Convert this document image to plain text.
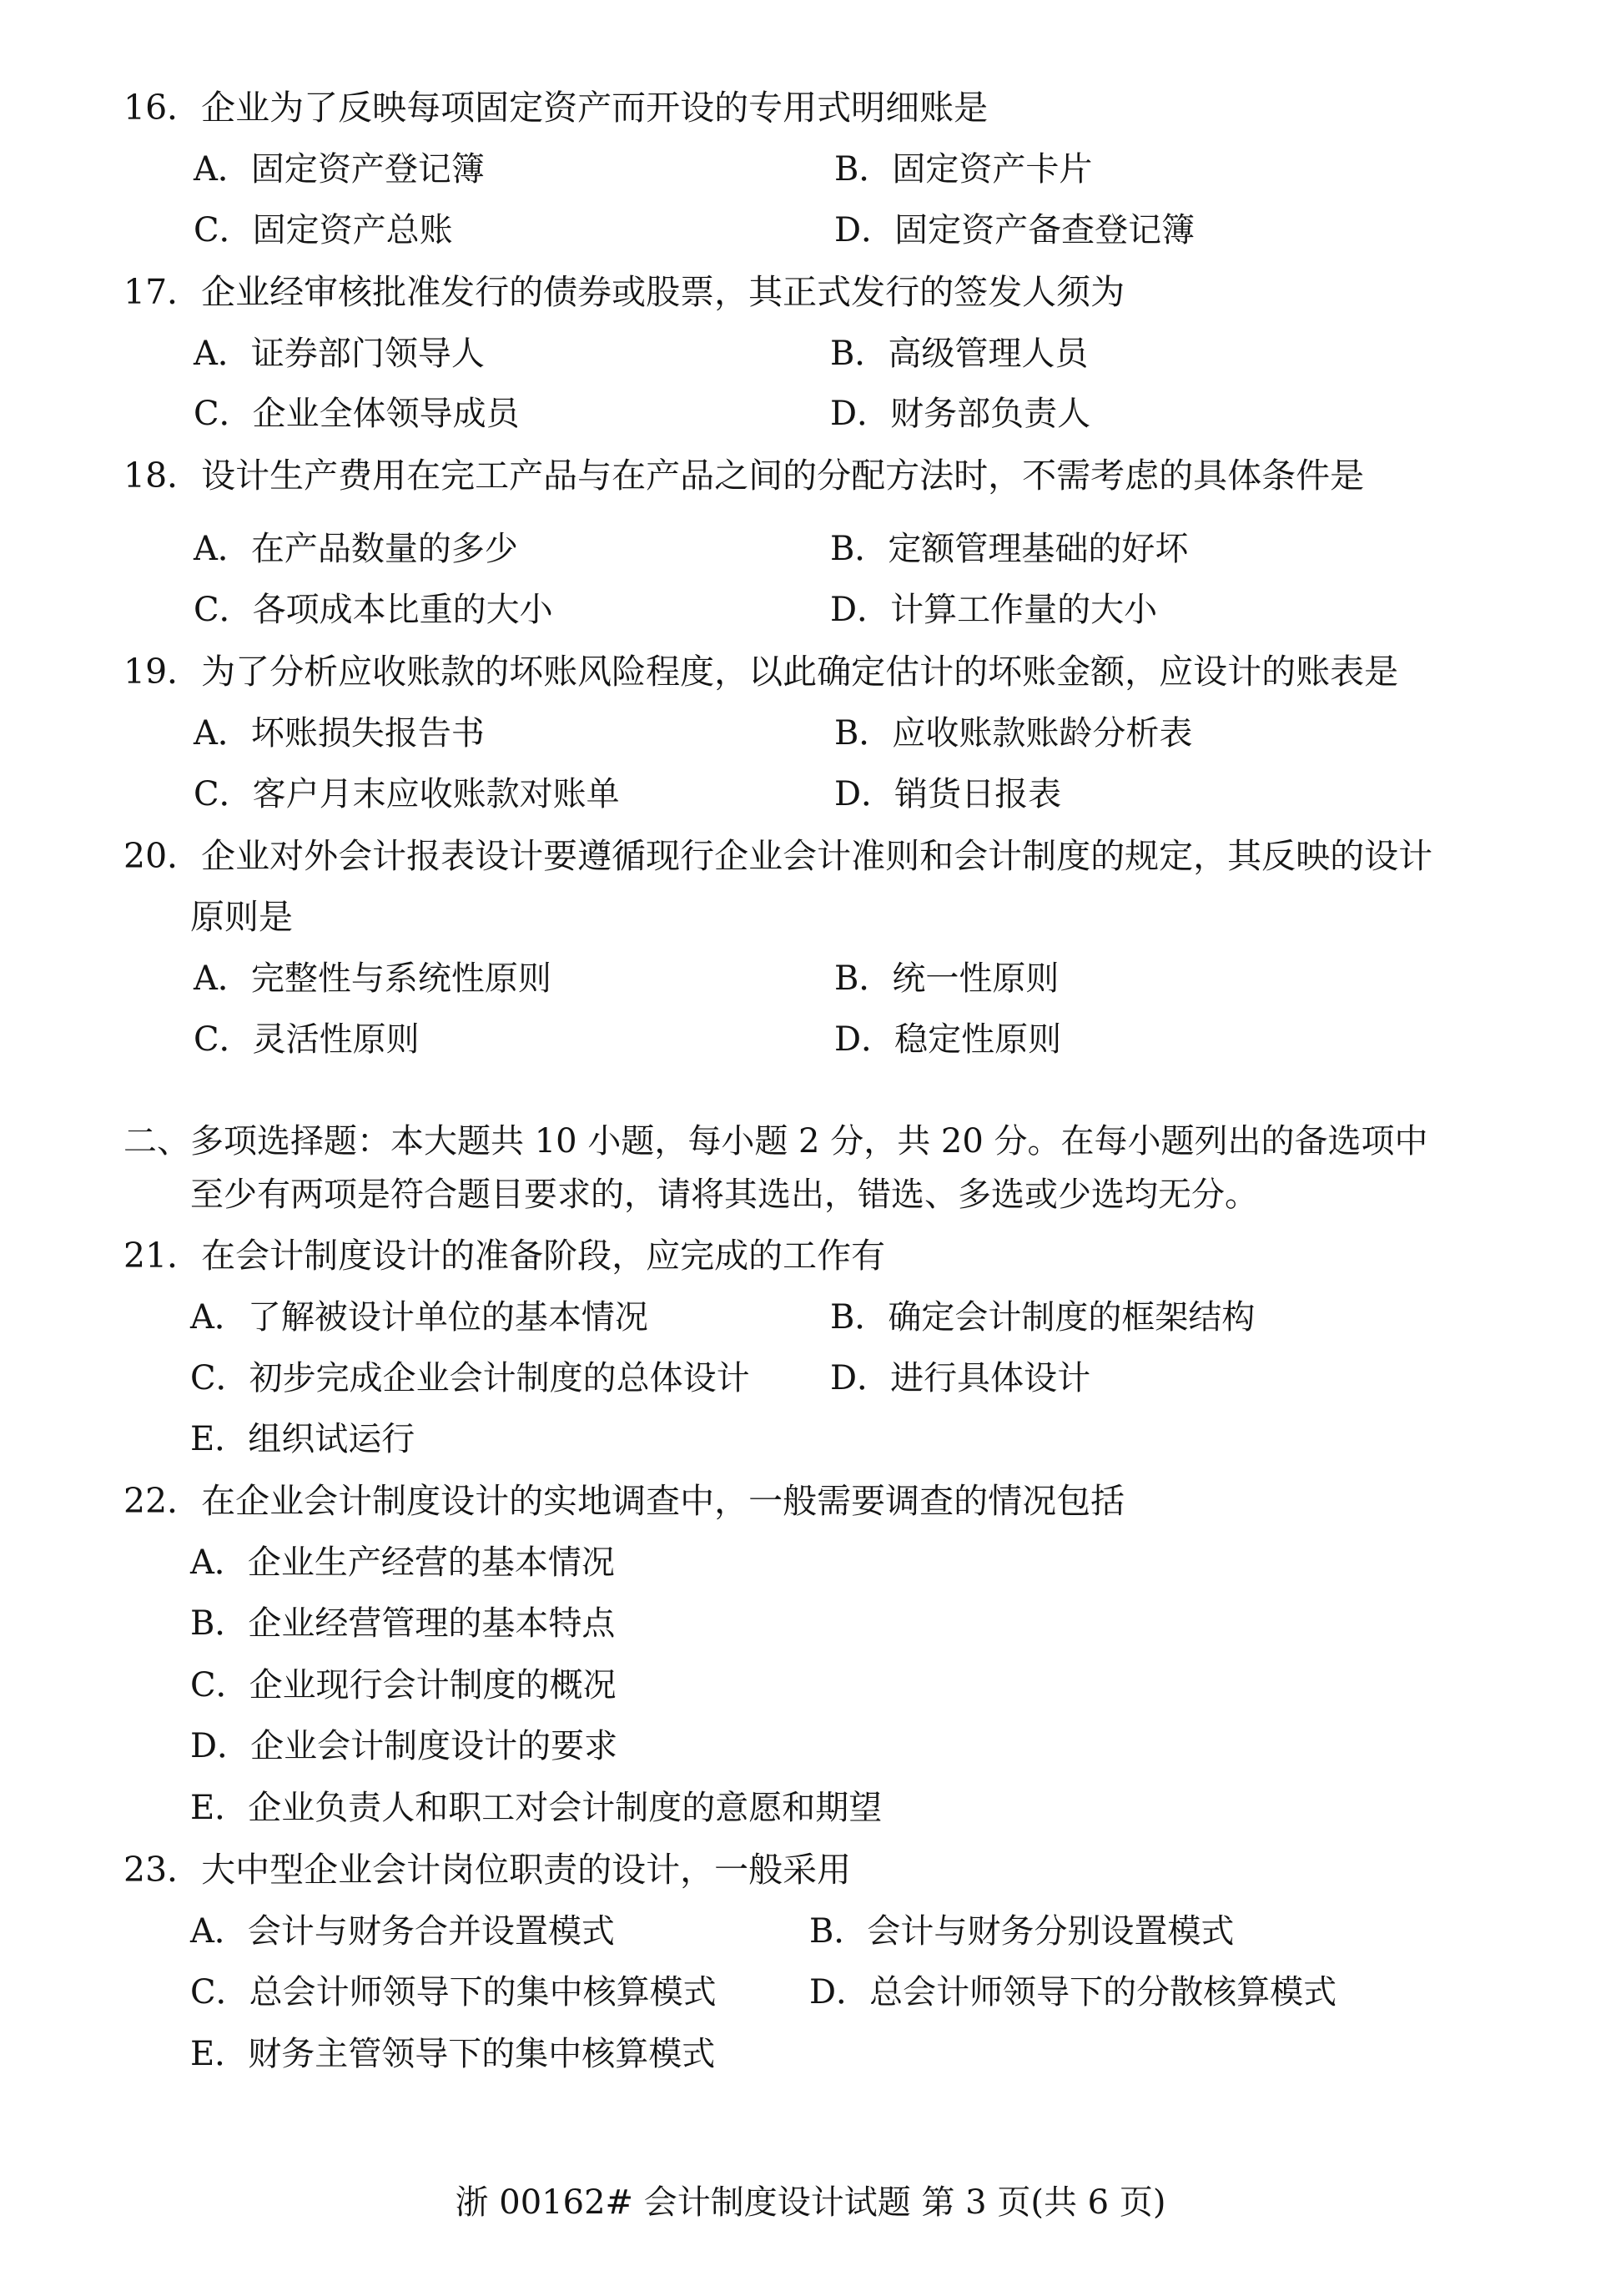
16．企业为了反映每项固定资产而开设的专用式明细账是
A．固定资产登记簿	B．固定资产卡片
C．固定资产总账	D．固定资产备查登记簿
17．企业经审核批准发行的债券或股票，其正式发行的签发人须为
A．证券部门领导人	B．高级管理人员
C．企业全体领导成员	D．财务部负责人
18．设计生产费用在完工产品与在产品之间的分配方法时，不需考虑的具体条件是
A．在产品数量的多少	B．定额管理基础的好坏
C．各项成本比重的大小	D．计算工作量的大小
19．为了分析应收账款的坏账风险程度，以此确定估计的坏账金额，应设计的账表是
A．坏账损失报告书	B．应收账款账龄分析表
C．客户月末应收账款对账单	D．销货日报表
20．企业对外会计报表设计要遵循现行企业会计准则和会计制度的规定，其反映的设计
原则是
A．完整性与系统性原则	B．统一性原则
C．灵活性原则	D．稳定性原则
二、多项选择题：本大题共 10 小题，每小题 2 分，共 20 分。在每小题列出的备选项中
至少有两项是符合题目要求的，请将其选出，错选、多选或少选均无分。
21．在会计制度设计的准备阶段，应完成的工作有
A．了解被设计单位的基本情况	B．确定会计制度的框架结构
C．初步完成企业会计制度的总体设计 D．进行具体设计
E．组织试运行
22．在企业会计制度设计的实地调查中，一般需要调查的情况包括
A．企业生产经营的基本情况
B．企业经营管理的基本特点
C．企业现行会计制度的概况
D．企业会计制度设计的要求
E．企业负责人和职工对会计制度的意愿和期望
23．大中型企业会计岗位职责的设计，一般采用
A．会计与财务合并设置模式	B．会计与财务分别设置模式
C．总会计师领导下的集中核算模式	D．总会计师领导下的分散核算模式
E．财务主管领导下的集中核算模式
浙 00162# 会计制度设计试题 第 3 页(共 6 页)
